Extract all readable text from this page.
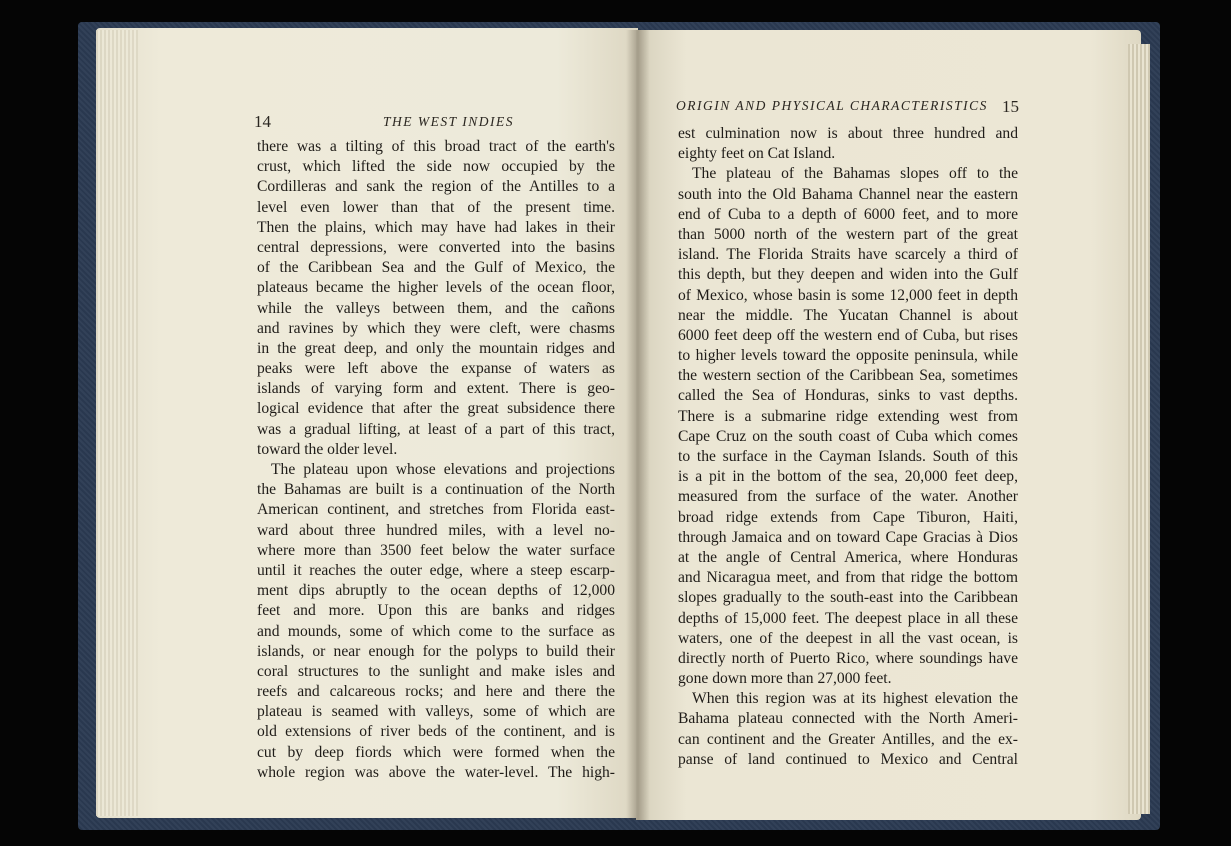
14	THE WEST INDIES
there was a tilting of this broad tract of the earth's
crust, which lifted the side now occupied by the
Cordilleras and sank the region of the Antilles to a
level even lower than that of the present time.
Then the plains, which may have had lakes in their
central depressions, were converted into the basins
of the Caribbean Sea and the Gulf of Mexico, the
plateaus became the higher levels of the ocean floor,
while the valleys between them, and the cañons
and ravines by which they were cleft, were chasms
in the great deep, and only the mountain ridges and
peaks were left above the expanse of waters as
islands of varying form and extent. There is geo-
logical evidence that after the great subsidence there
was a gradual lifting, at least of a part of this tract,
toward the older level.
The plateau upon whose elevations and projections
the Bahamas are built is a continuation of the North
American continent, and stretches from Florida east-
ward about three hundred miles, with a level no-
where more than 3500 feet below the water surface
until it reaches the outer edge, where a steep escarp-
ment dips abruptly to the ocean depths of 12,000
feet and more. Upon this are banks and ridges
and mounds, some of which come to the surface as
islands, or near enough for the polyps to build their
coral structures to the sunlight and make isles and
reefs and calcareous rocks; and here and there the
plateau is seamed with valleys, some of which are
old extensions of river beds of the continent, and is
cut by deep fiords which were formed when the
whole region was above the water-level. The high-
ORIGIN AND PHYSICAL CHARACTERISTICS 15
est culmination now is about three hundred and
eighty feet on Cat Island.
The plateau of the Bahamas slopes off to the
south into the Old Bahama Channel near the eastern
end of Cuba to a depth of 6000 feet, and to more
than 5000 north of the western part of the great
island. The Florida Straits have scarcely a third of
this depth, but they deepen and widen into the Gulf
of Mexico, whose basin is some 12,000 feet in depth
near the middle. The Yucatan Channel is about
6000 feet deep off the western end of Cuba, but rises
to higher levels toward the opposite peninsula, while
the western section of the Caribbean Sea, sometimes
called the Sea of Honduras, sinks to vast depths.
There is a submarine ridge extending west from
Cape Cruz on the south coast of Cuba which comes
to the surface in the Cayman Islands. South of this
is a pit in the bottom of the sea, 20,000 feet deep,
measured from the surface of the water. Another
broad ridge extends from Cape Tiburon, Haiti,
through Jamaica and on toward Cape Gracias à Dios
at the angle of Central America, where Honduras
and Nicaragua meet, and from that ridge the bottom
slopes gradually to the south-east into the Caribbean
depths of 15,000 feet. The deepest place in all these
waters, one of the deepest in all the vast ocean, is
directly north of Puerto Rico, where soundings have
gone down more than 27,000 feet.
When this region was at its highest elevation the
Bahama plateau connected with the North Ameri-
can continent and the Greater Antilles, and the ex-
panse of land continued to Mexico and Central
